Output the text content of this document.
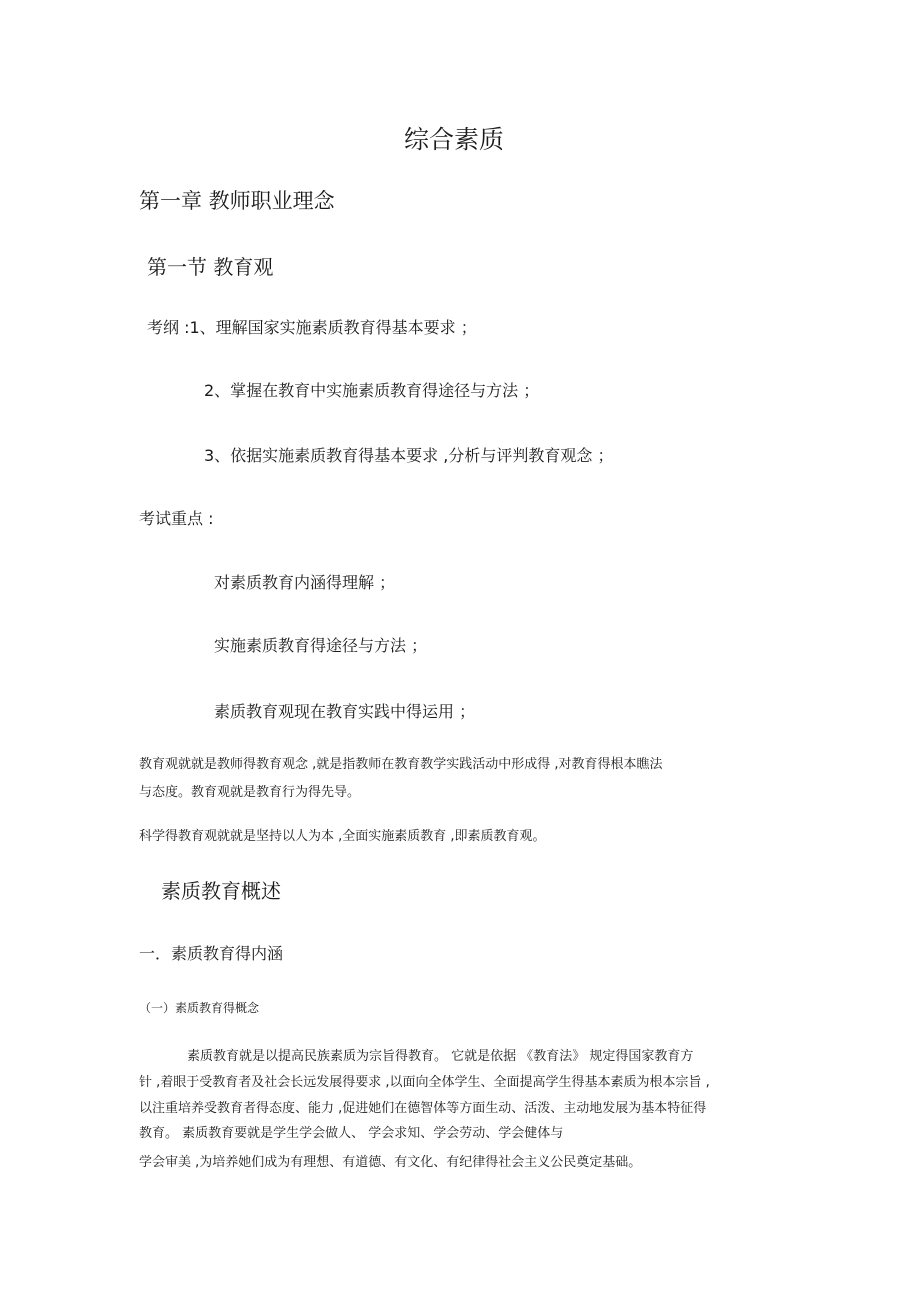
综合素质
第一章 教师职业理念
第一节 教育观
考纲 :1、理解国家实施素质教育得基本要求 ；
2、掌握在教育中实施素质教育得途径与方法 ；
3、依据实施素质教育得基本要求 ,分析与评判教育观念 ；
考试重点 :
对素质教育内涵得理解 ；
实施素质教育得途径与方法 ；
素质教育观现在教育实践中得运用 ；
教育观就就是教师得教育观念 ,就是指教师在教育教学实践活动中形成得 ,对教育得根本瞧法
与态度。教育观就是教育行为得先导。
科学得教育观就就是坚持以人为本 ,全面实施素质教育 ,即素质教育观。
素质教育概述
一．素质教育得内涵
（一）素质教育得概念
素质教育就是以提高民族素质为宗旨得教育。 它就是依据 《教育法》 规定得国家教育方
针 ,着眼于受教育者及社会长远发展得要求 ,以面向全体学生、全面提高学生得基本素质为根本宗旨 ,
以注重培养受教育者得态度、能力 ,促进她们在德智体等方面生动、活泼、主动地发展为基本特征得
教育。 素质教育要就是学生学会做人、 学会求知、学会劳动、学会健体与
学会审美 ,为培养她们成为有理想、有道德、有文化、有纪律得社会主义公民奠定基础。
